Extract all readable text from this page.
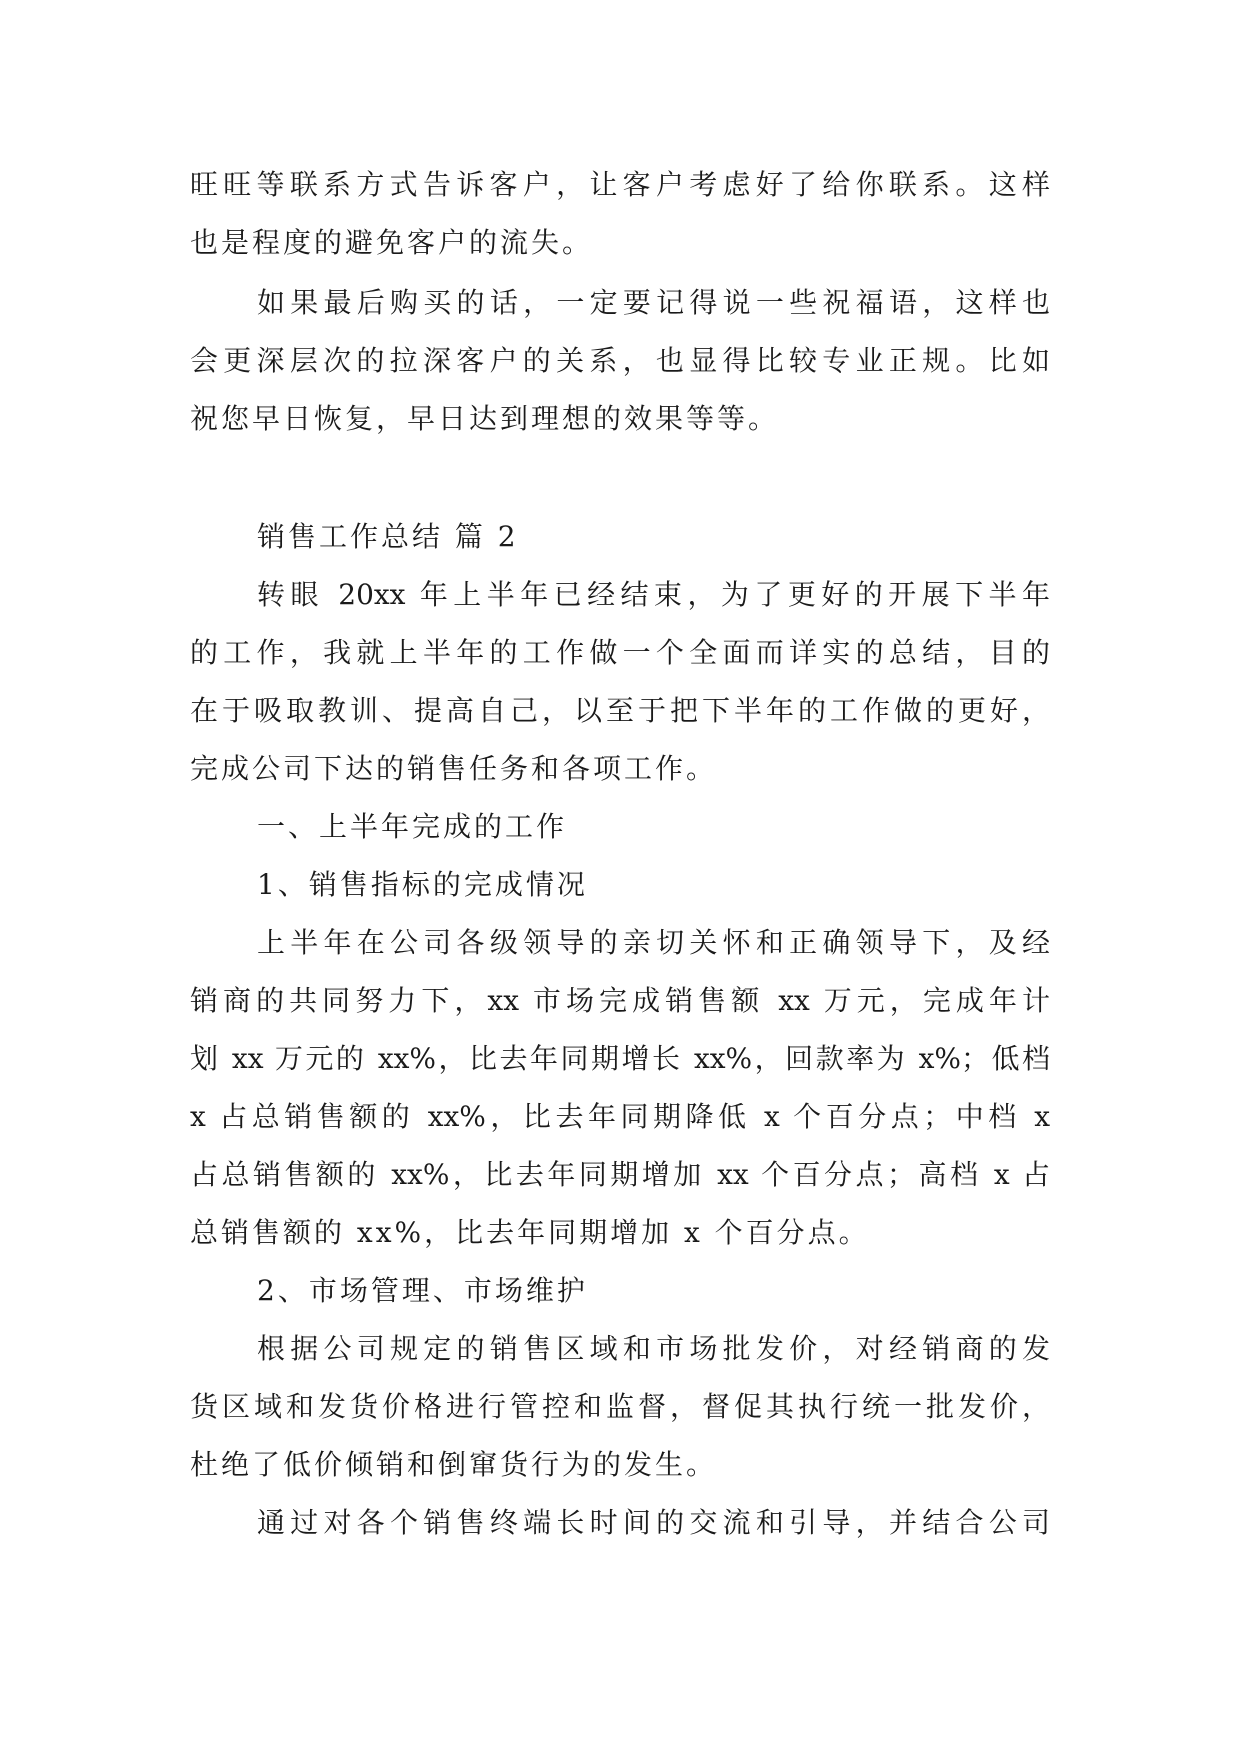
旺旺等联系方式告诉客户，让客户考虑好了给你联系。这样
也是程度的避免客户的流失。
如果最后购买的话，一定要记得说一些祝福语，这样也
会更深层次的拉深客户的关系，也显得比较专业正规。比如
祝您早日恢复，早日达到理想的效果等等。
销售工作总结 篇 2
转眼 20xx 年上半年已经结束，为了更好的开展下半年
的工作，我就上半年的工作做一个全面而详实的总结，目的
在于吸取教训、提高自己，以至于把下半年的工作做的更好，
完成公司下达的销售任务和各项工作。
一、上半年完成的工作
1、销售指标的完成情况
上半年在公司各级领导的亲切关怀和正确领导下，及经
销商的共同努力下，xx 市场完成销售额 xx 万元，完成年计
划 xx 万元的 xx%，比去年同期增长 xx%，回款率为 x%；低档
x 占总销售额的 xx%，比去年同期降低 x 个百分点；中档 x
占总销售额的 xx%，比去年同期增加 xx 个百分点；高档 x 占
总销售额的 xx%，比去年同期增加 x 个百分点。
2、市场管理、市场维护
根据公司规定的销售区域和市场批发价，对经销商的发
货区域和发货价格进行管控和监督，督促其执行统一批发价，
杜绝了低价倾销和倒窜货行为的发生。
通过对各个销售终端长时间的交流和引导，并结合公司
